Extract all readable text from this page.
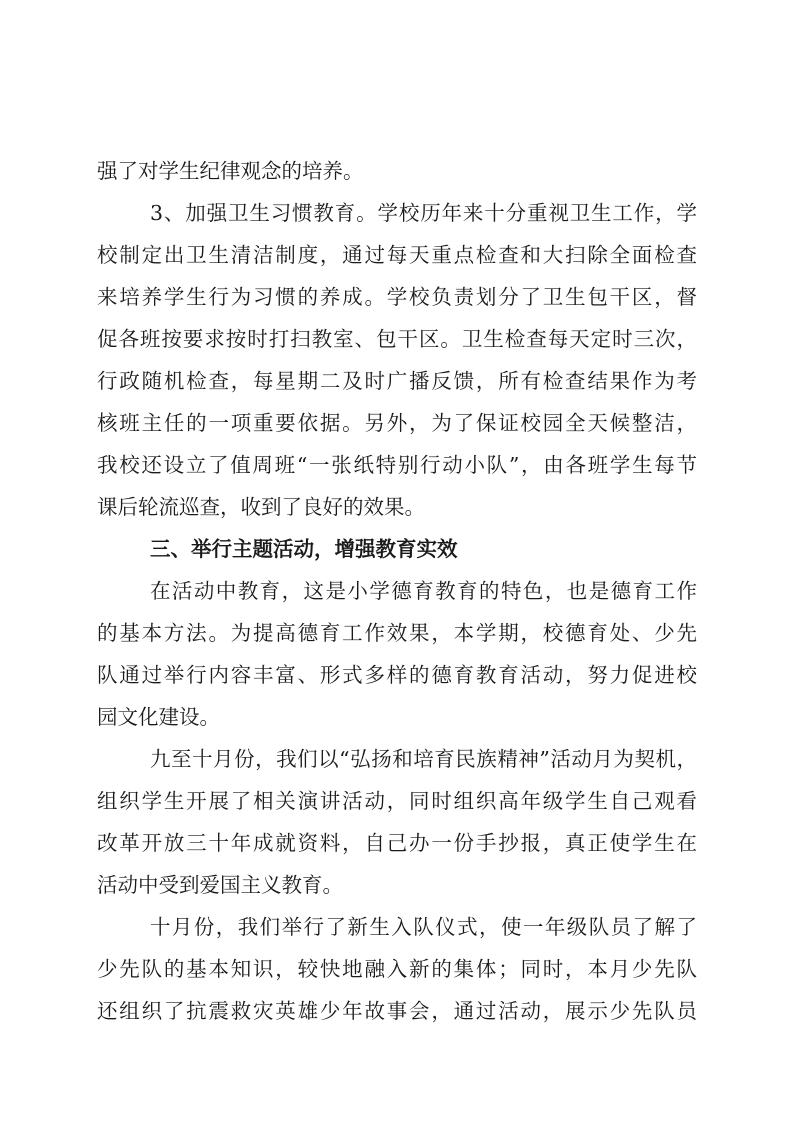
强了对学生纪律观念的培养。
3、加强卫生习惯教育。学校历年来十分重视卫生工作，学
校制定出卫生清洁制度，通过每天重点检查和大扫除全面检查
来培养学生行为习惯的养成。学校负责划分了卫生包干区，督
促各班按要求按时打扫教室、包干区。卫生检查每天定时三次，
行政随机检查，每星期二及时广播反馈，所有检查结果作为考
核班主任的一项重要依据。另外，为了保证校园全天候整洁，
我校还设立了值周班“一张纸特别行动小队”，由各班学生每节
课后轮流巡查，收到了良好的效果。
三、举行主题活动，增强教育实效
在活动中教育，这是小学德育教育的特色，也是德育工作
的基本方法。为提高德育工作效果，本学期，校德育处、少先
队通过举行内容丰富、形式多样的德育教育活动，努力促进校
园文化建设。
九至十月份，我们以“弘扬和培育民族精神”活动月为契机，
组织学生开展了相关演讲活动，同时组织高年级学生自己观看
改革开放三十年成就资料，自己办一份手抄报，真正使学生在
活动中受到爱国主义教育。
十月份，我们举行了新生入队仪式，使一年级队员了解了
少先队的基本知识，较快地融入新的集体；同时，本月少先队
还组织了抗震救灾英雄少年故事会，通过活动，展示少先队员
